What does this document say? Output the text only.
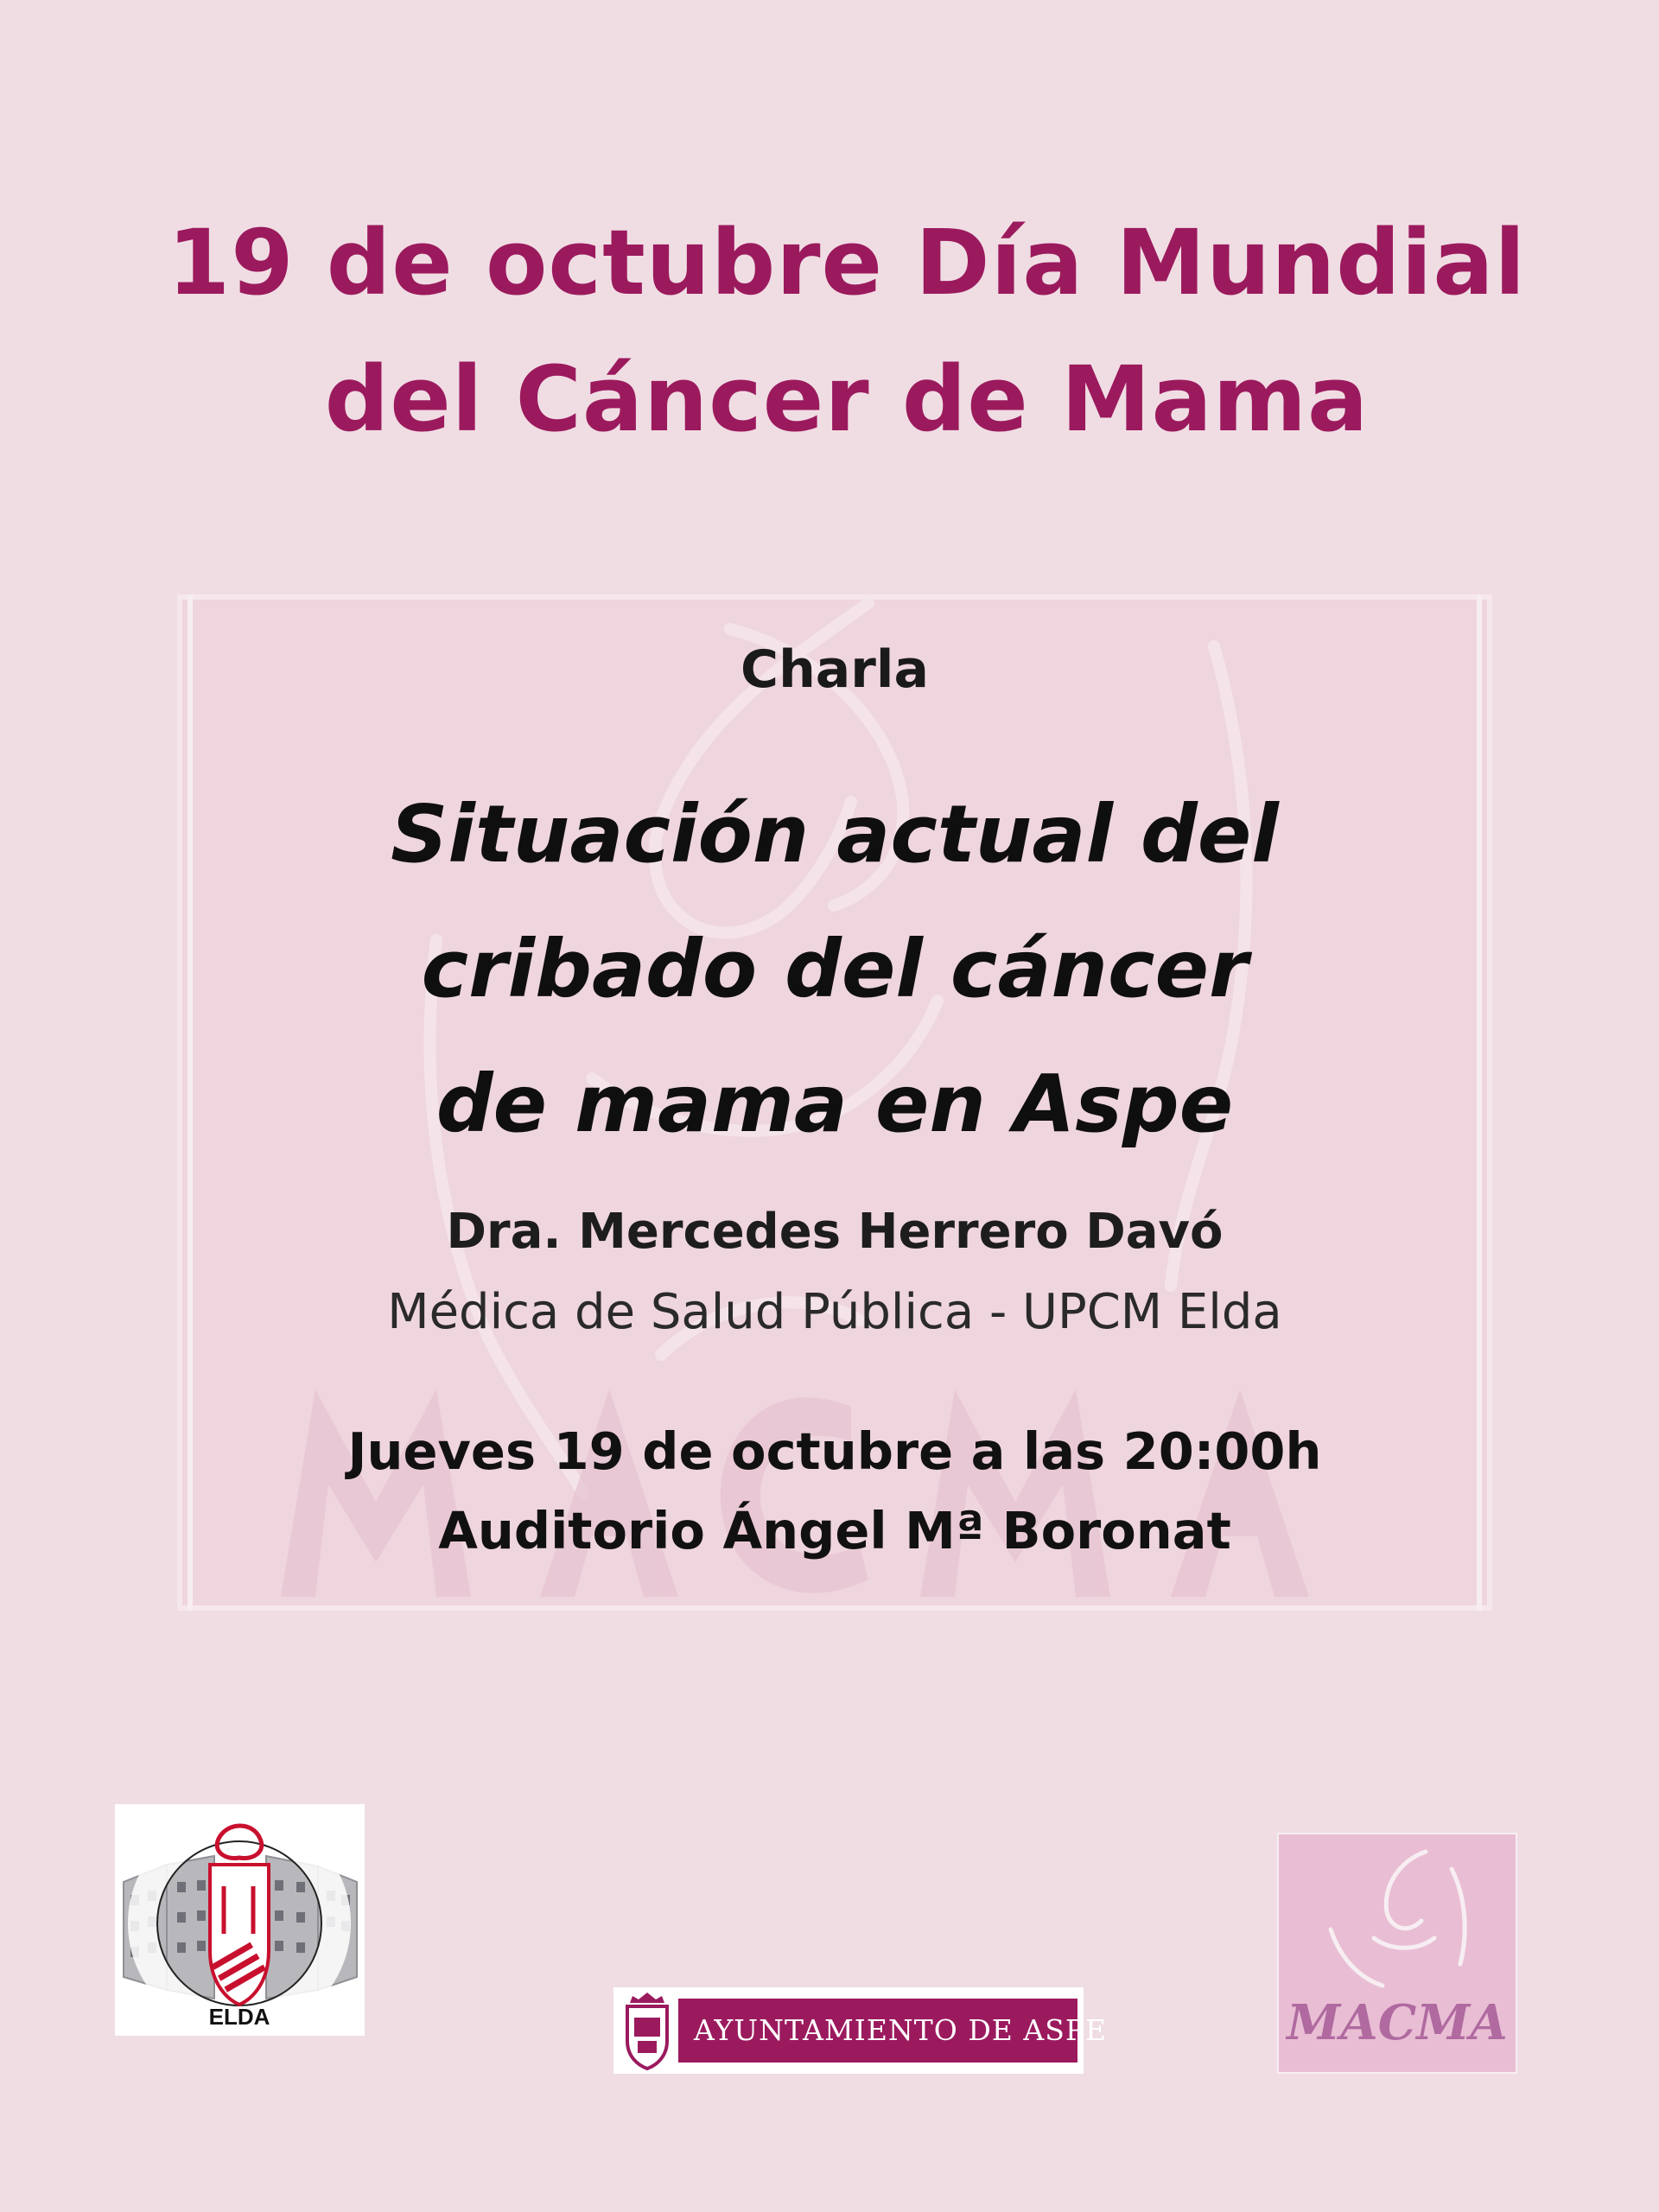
19 de octubre Día Mundial
del Cáncer de Mama
Charla
Situación actual del
cribado del cáncer
de mama en Aspe
Dra. Mercedes Herrero Davó
Médica de Salud Pública - UPCM Elda
Jueves 19 de octubre a las 20:00h
Auditorio Ángel Mª Boronat
ELDA	AYUNTAMIENTO DE ASPE	MACMA
